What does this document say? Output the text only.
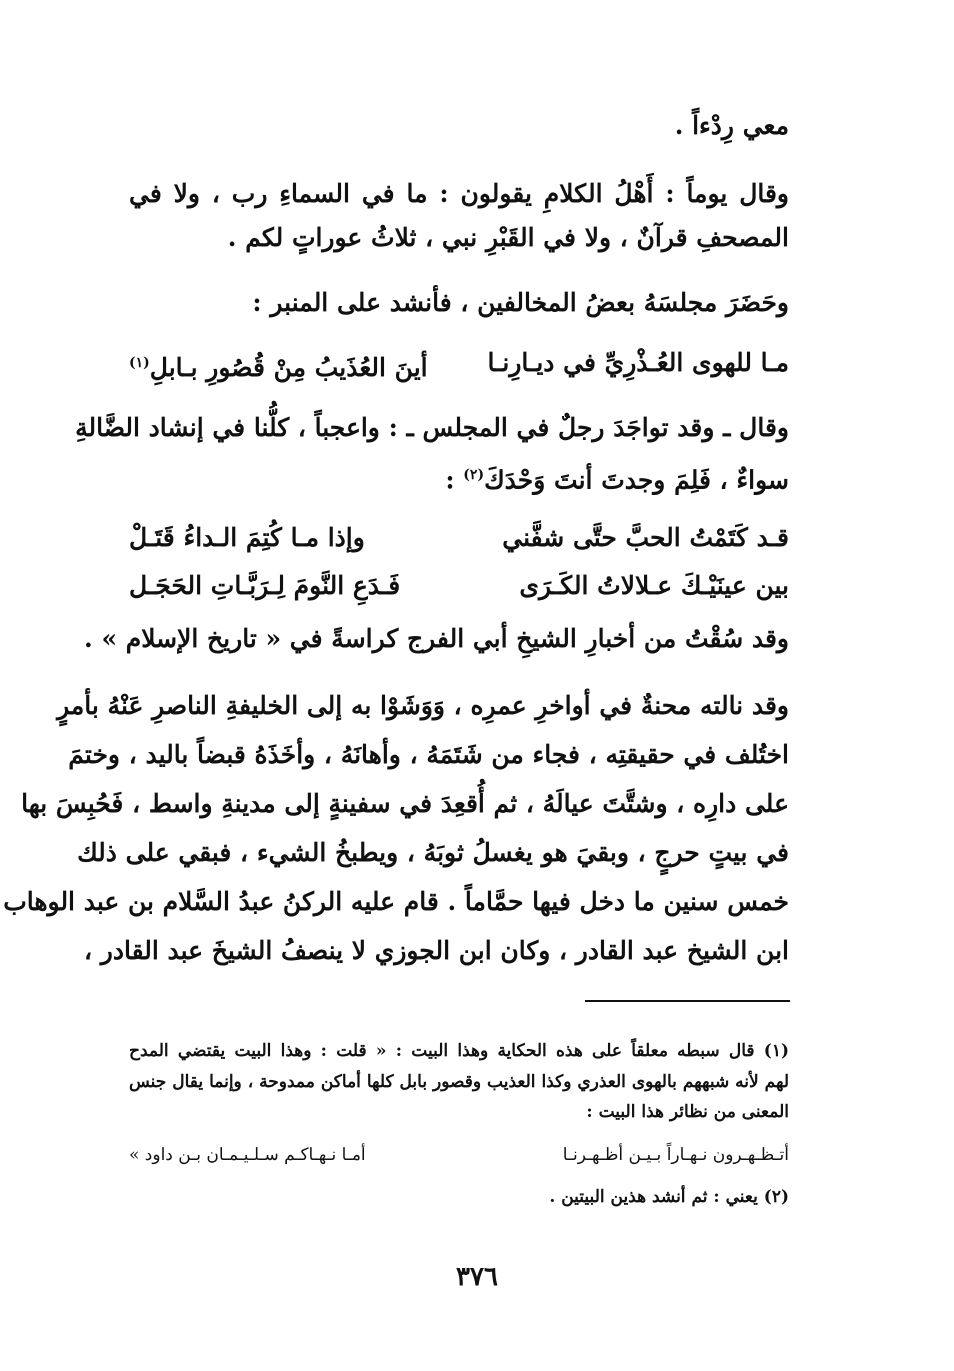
معي رِدْءاً .
وقال يوماً : أَهْلُ الكلامِ يقولون : ما في السماءِ رب ، ولا في
المصحفِ قرآنٌ ، ولا في القَبْرِ نبي ، ثلاثُ عوراتٍ لكم .
وحَضَرَ مجلسَهُ بعضُ المخالفين ، فأنشد على المنبر :
مـا للهوى العُـذْرِيِّ في ديـارِنـا
أينَ العُذَيبُ مِنْ قُصُورِ بـابلِ$^{(١)}$
وقال ـ وقد تواجَدَ رجلٌ في المجلس ـ : واعجباً ، كلُّنا في إنشاد الضَّالةِ
سواءٌ ، فَلِمَ وجدتَ أنتَ وَحْدَكَ$^{(٢)}$ :
قـد كَتَمْتُ الحبَّ حتَّى شفَّني
وإذا مـا كُتِمَ الـداءُ قَتَـلْ
بين عينَيْـكَ عـلالاتُ الكَـرَى
فَـدَعِ النَّومَ لِـرَبَّـاتِ الحَجَـل
وقد سُقْتُ من أخبارِ الشيخِ أبي الفرج كراسةً في « تاريخ الإسلام » .
وقد نالته محنةٌ في أواخرِ عمرِه ، وَوَشَوْا به إلى الخليفةِ الناصرِ عَنْهُ بأمرٍ
اختُلف في حقيقتِه ، فجاء من شَتَمَهُ ، وأهانَهُ ، وأخَذَهُ قبضاً باليد ، وختمَ
على دارِه ، وشتَّتَ عيالَهُ ، ثم أُقعِدَ في سفينةٍ إلى مدينةِ واسط ، فَحُبِسَ بها
في بيتٍ حرجٍ ، وبقيَ هو يغسلُ ثوبَهُ ، ويطبخُ الشيء ، فبقي على ذلك
خمس سنين ما دخل فيها حمَّاماً . قام عليه الركنُ عبدُ السَّلام بن عبد الوهاب
ابن الشيخ عبد القادر ، وكان ابن الجوزي لا ينصفُ الشيخَ عبد القادر ،
(١) قال سبطه معلقاً على هذه الحكاية وهذا البيت : « قلت : وهذا البيت يقتضي المدح
لهم لأنه شبههم بالهوى العذري وكذا العذيب وقصور بابل كلها أماكن ممدوحة ، وإنما يقال جنس
المعنى من نظائر هذا البيت :
أتـظـهـرون نـهـاراً بـيـن أظـهـرنـا
أمـا نـهـاكـم سـلـيـمـان بـن داود »
(٢) يعني : ثم أنشد هذين البيتين .
٣٧٦
